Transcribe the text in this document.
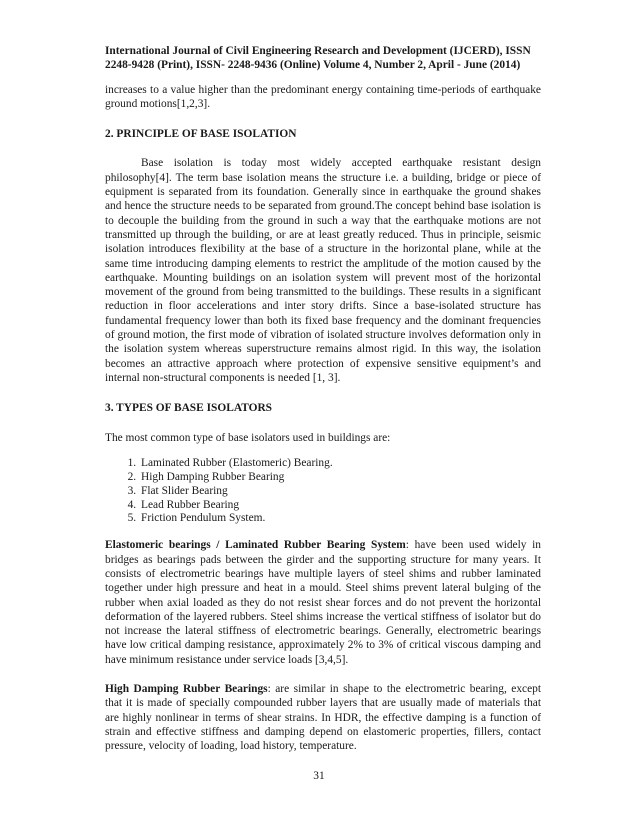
International Journal of Civil Engineering Research and Development (IJCERD), ISSN 2248-9428 (Print), ISSN- 2248-9436 (Online) Volume 4, Number 2, April - June (2014)

increases to a value higher than the predominant energy containing time-periods of earthquake ground motions[1,2,3].

2. PRINCIPLE OF BASE ISOLATION

Base isolation is today most widely accepted earthquake resistant design philosophy[4]. The term base isolation means the structure i.e. a building, bridge or piece of equipment is separated from its foundation. Generally since in earthquake the ground shakes and hence the structure needs to be separated from ground.The concept behind base isolation is to decouple the building from the ground in such a way that the earthquake motions are not transmitted up through the building, or are at least greatly reduced. Thus in principle, seismic isolation introduces flexibility at the base of a structure in the horizontal plane, while at the same time introducing damping elements to restrict the amplitude of the motion caused by the earthquake. Mounting buildings on an isolation system will prevent most of the horizontal movement of the ground from being transmitted to the buildings. These results in a significant reduction in floor accelerations and inter story drifts. Since a base-isolated structure has fundamental frequency lower than both its fixed base frequency and the dominant frequencies of ground motion, the first mode of vibration of isolated structure involves deformation only in the isolation system whereas superstructure remains almost rigid. In this way, the isolation becomes an attractive approach where protection of expensive sensitive equipment’s and internal non-structural components is needed [1, 3].

3. TYPES OF BASE ISOLATORS

The most common type of base isolators used in buildings are:

1. Laminated Rubber (Elastomeric) Bearing.
2. High Damping Rubber Bearing
3. Flat Slider Bearing
4. Lead Rubber Bearing
5. Friction Pendulum System.

Elastomeric bearings / Laminated Rubber Bearing System: have been used widely in bridges as bearings pads between the girder and the supporting structure for many years. It consists of electrometric bearings have multiple layers of steel shims and rubber laminated together under high pressure and heat in a mould. Steel shims prevent lateral bulging of the rubber when axial loaded as they do not resist shear forces and do not prevent the horizontal deformation of the layered rubbers. Steel shims increase the vertical stiffness of isolator but do not increase the lateral stiffness of electrometric bearings. Generally, electrometric bearings have low critical damping resistance, approximately 2% to 3% of critical viscous damping and have minimum resistance under service loads [3,4,5].

High Damping Rubber Bearings: are similar in shape to the electrometric bearing, except that it is made of specially compounded rubber layers that are usually made of materials that are highly nonlinear in terms of shear strains. In HDR, the effective damping is a function of strain and effective stiffness and damping depend on elastomeric properties, fillers, contact pressure, velocity of loading, load history, temperature.

31
